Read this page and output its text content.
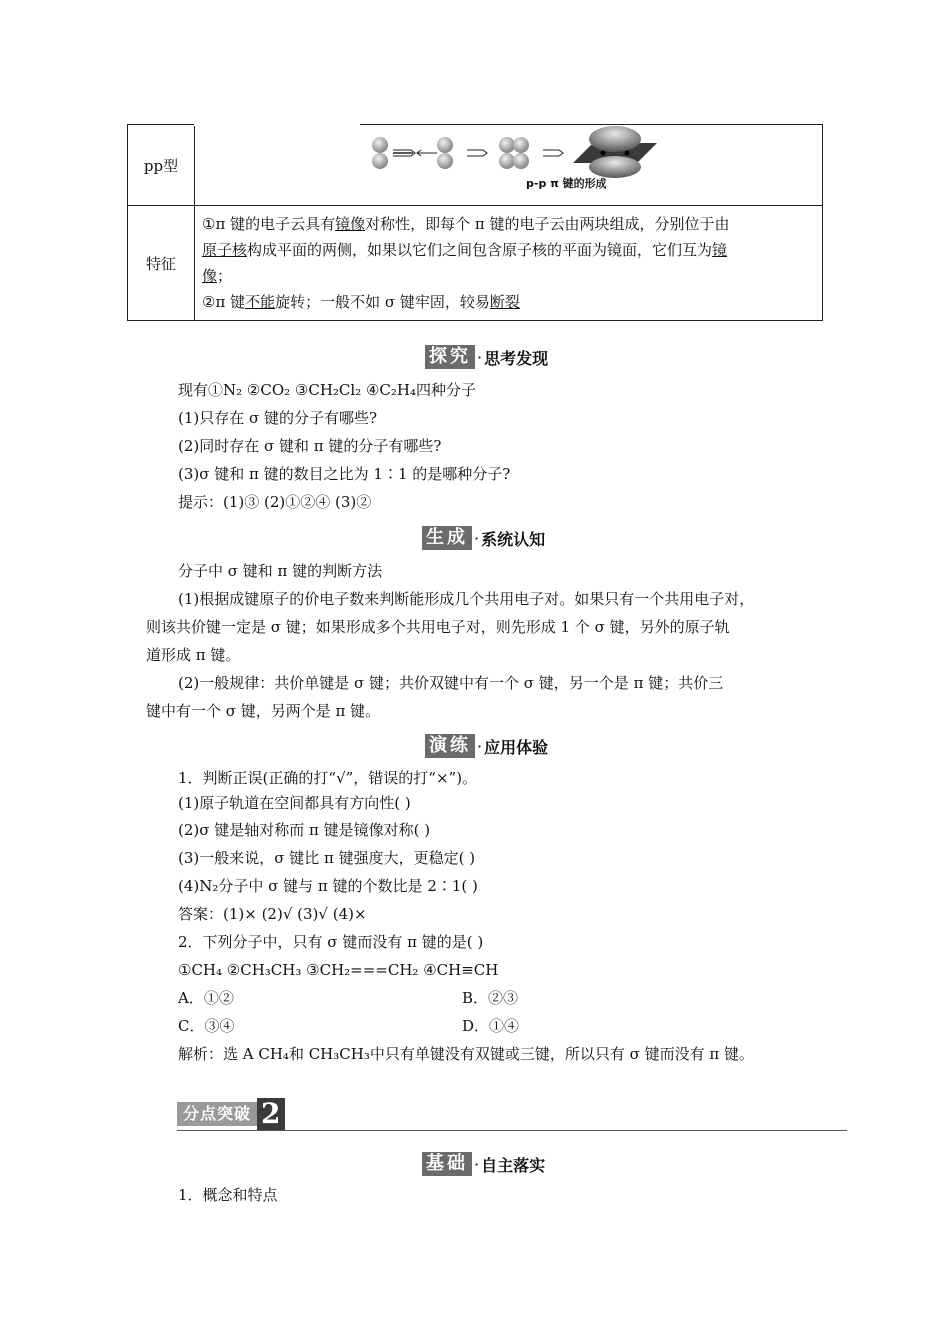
pp型	p-p π 键的形成

特征	①π 键的电子云具有镜像对称性，即每个 π 键的电子云由两块组成，分别位于由

原子核构成平面的两侧，如果以它们之间包含原子核的平面为镜面，它们互为镜

像；

②π 键不能旋转；一般不如 σ 键牢固，较易断裂

探究 · 思考发现
现有①N₂ ②CO₂ ③CH₂Cl₂ ④C₂H₄四种分子
(1)只存在 σ 键的分子有哪些?
(2)同时存在 σ 键和 π 键的分子有哪些?
(3)σ 键和 π 键的数目之比为 1∶1 的是哪种分子?
提示：(1)③ (2)①②④ (3)②
生成 · 系统认知
分子中 σ 键和 π 键的判断方法
(1)根据成键原子的价电子数来判断能形成几个共用电子对。如果只有一个共用电子对，
则该共价键一定是 σ 键；如果形成多个共用电子对，则先形成 1 个 σ 键，另外的原子轨
道形成 π 键。
(2)一般规律：共价单键是 σ 键；共价双键中有一个 σ 键，另一个是 π 键；共价三
键中有一个 σ 键，另两个是 π 键。
演练 · 应用体验
1．判断正误(正确的打“√”，错误的打“×”)。
(1)原子轨道在空间都具有方向性( )
(2)σ 键是轴对称而 π 键是镜像对称( )
(3)一般来说，σ 键比 π 键强度大，更稳定( )
(4)N₂分子中 σ 键与 π 键的个数比是 2∶1( )
答案：(1)× (2)√ (3)√ (4)×
2．下列分子中，只有 σ 键而没有 π 键的是( )
①CH₄ ②CH₃CH₃ ③CH₂===CH₂ ④CH≡CH
A．①②	B．②③
C．③④	D．①④
解析：选 A CH₄和 CH₃CH₃中只有单键没有双键或三键，所以只有 σ 键而没有 π 键。
分点突破 2
基础 · 自主落实
1．概念和特点
